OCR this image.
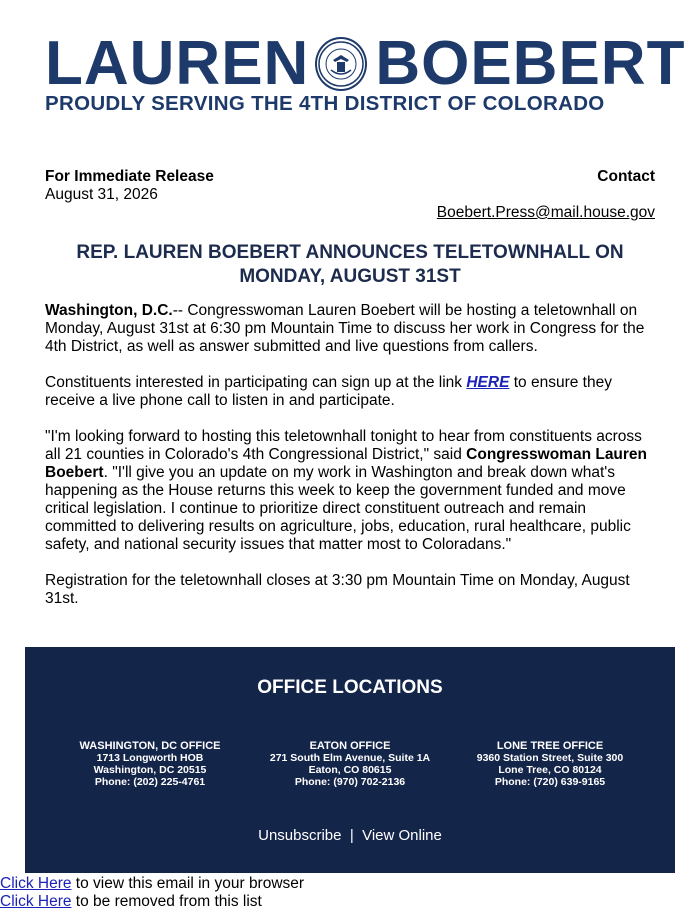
LAUREN BOEBERT
PROUDLY SERVING THE 4TH DISTRICT OF COLORADO
For Immediate Release
August 31, 2026
Contact
Boebert.Press@mail.house.gov
REP. LAUREN BOEBERT ANNOUNCES TELETOWNHALL ON MONDAY, AUGUST 31ST

Washington, D.C.-- Congresswoman Lauren Boebert will be hosting a teletownhall on Monday, August 31st at 6:30 pm Mountain Time to discuss her work in Congress for the 4th District, as well as answer submitted and live questions from callers.

Constituents interested in participating can sign up at the link HERE to ensure they receive a live phone call to listen in and participate.

"I'm looking forward to hosting this teletownhall tonight to hear from constituents across all 21 counties in Colorado's 4th Congressional District," said Congresswoman Lauren Boebert. "I'll give you an update on my work in Washington and break down what's happening as the House returns this week to keep the government funded and move critical legislation. I continue to prioritize direct constituent outreach and remain committed to delivering results on agriculture, jobs, education, rural healthcare, public safety, and national security issues that matter most to Coloradans."

Registration for the teletownhall closes at 3:30 pm Mountain Time on Monday, August 31st.

OFFICE LOCATIONS
WASHINGTON, DC OFFICE
1713 Longworth HOB
Washington, DC 20515
Phone: (202) 225-4761
EATON OFFICE
271 South Elm Avenue, Suite 1A
Eaton, CO 80615
Phone: (970) 702-2136
LONE TREE OFFICE
9360 Station Street, Suite 300
Lone Tree, CO 80124
Phone: (720) 639-9165
Unsubscribe | View Online
Click Here to view this email in your browser
Click Here to be removed from this list
